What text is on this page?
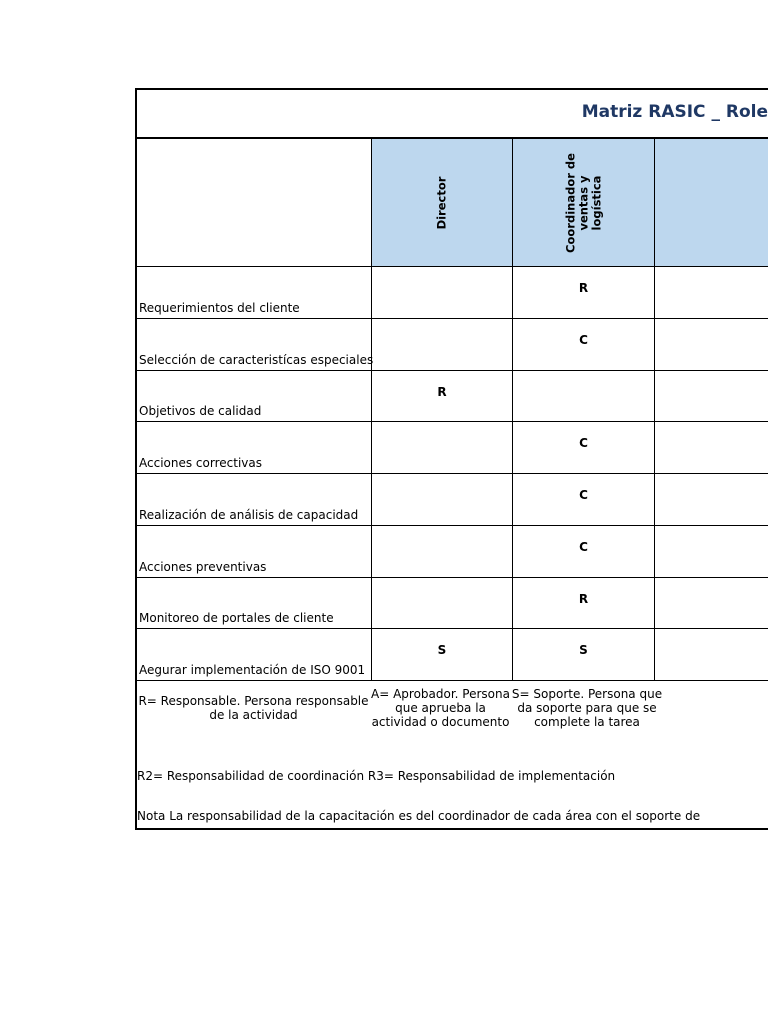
Matriz RASIC _ Role
Director	Coordinador de ventas y logística
Requerimientos del cliente
R
Selección de caracteristícas especiales
C
Objetivos de calidad
R
Acciones correctivas
C
Realización de análisis de capacidad
C
Acciones preventivas
C
Monitoreo de portales de cliente
R
Aegurar implementación de ISO 9001
S	S
R= Responsable. Persona responsable de la actividad
A= Aprobador. Persona que aprueba la actividad o documento
S= Soporte. Persona que da soporte para que se complete la tarea
R2= Responsabilidad de coordinación R3= Responsabilidad de implementación
Nota La responsabilidad de la capacitación es del coordinador de cada área con el soporte de
